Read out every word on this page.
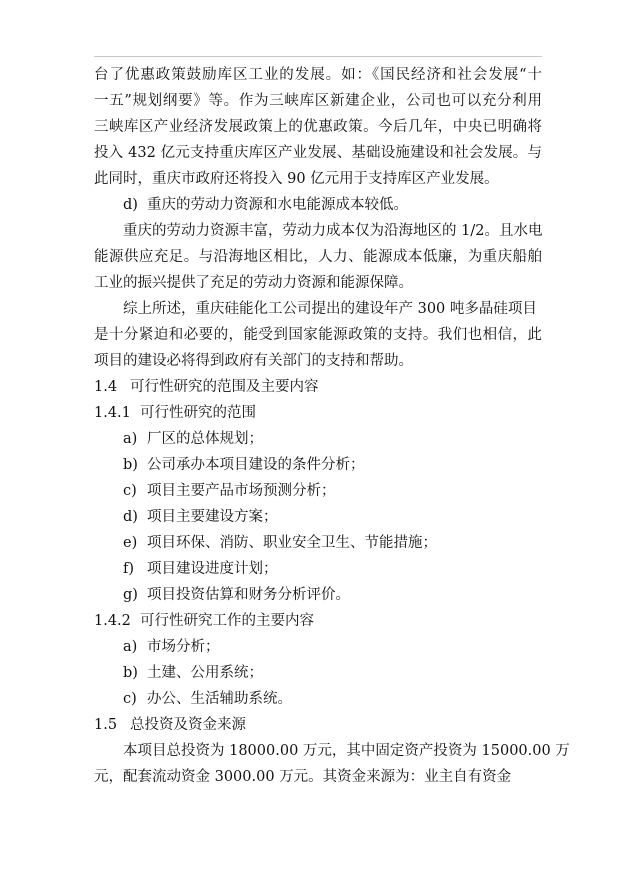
台了优惠政策鼓励库区工业的发展。如：《国民经济和社会发展“十
一五”规划纲要》等。作为三峡库区新建企业，公司也可以充分利用
三峡库区产业经济发展政策上的优惠政策。今后几年，中央已明确将
投入 432 亿元支持重庆库区产业发展、基础设施建设和社会发展。与
此同时，重庆市政府还将投入 90 亿元用于支持库区产业发展。
d) 重庆的劳动力资源和水电能源成本较低。
重庆的劳动力资源丰富，劳动力成本仅为沿海地区的 1/2。且水电
能源供应充足。与沿海地区相比，人力、能源成本低廉，为重庆船舶
工业的振兴提供了充足的劳动力资源和能源保障。
综上所述，重庆硅能化工公司提出的建设年产 300 吨多晶硅项目
是十分紧迫和必要的，能受到国家能源政策的支持。我们也相信，此
项目的建设必将得到政府有关部门的支持和帮助。
1.4 可行性研究的范围及主要内容
1.4.1 可行性研究的范围
a) 厂区的总体规划；
b) 公司承办本项目建设的条件分析；
c) 项目主要产品市场预测分析；
d) 项目主要建设方案；
e) 项目环保、消防、职业安全卫生、节能措施；
f) 项目建设进度计划；
g) 项目投资估算和财务分析评价。
1.4.2 可行性研究工作的主要内容
a) 市场分析；
b) 土建、公用系统；
c) 办公、生活辅助系统。
1.5 总投资及资金来源
本项目总投资为 18000.00 万元，其中固定资产投资为 15000.00 万
元，配套流动资金 3000.00 万元。其资金来源为：业主自有资金
